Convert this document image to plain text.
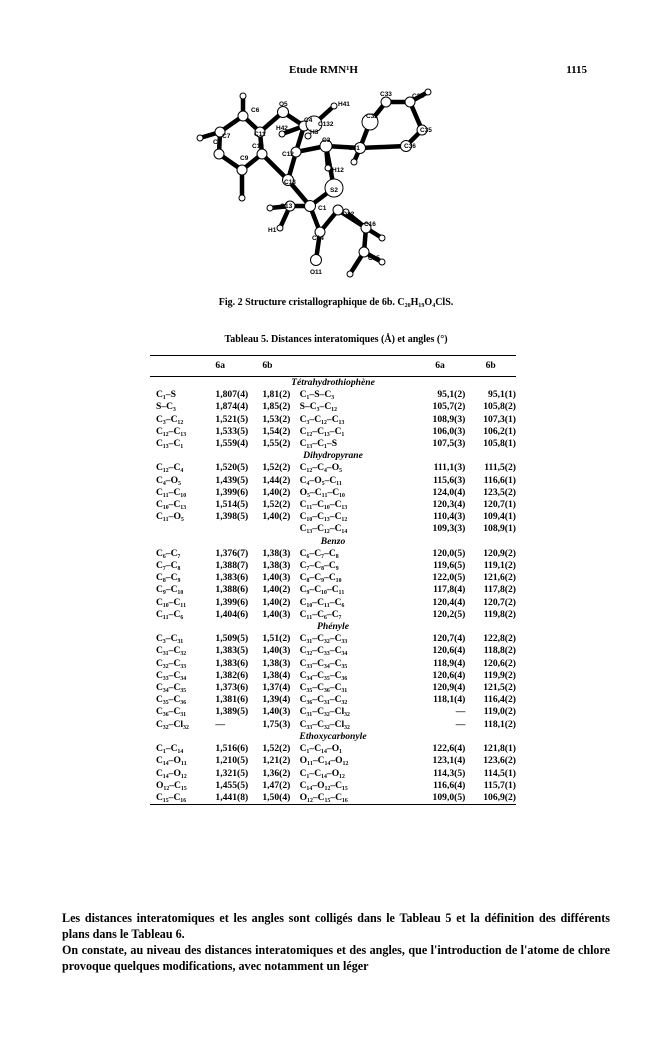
Etude RMN¹H	1115
C6
O5
C4
H41
C33	C34
C7	C11
H42
H3
C132
C32
C8
C10
C12
C3
C31	C36
C35
H12
C9
C13
S2
O13	C1
O12
H1
C16
C14
C15
O11
Fig. 2 Structure cristallographique de 6b. C₂₀H₁₉O₄ClS.
Tableau 5. Distances interatomiques (Å) et angles (°)
	6a	6b		6a	6b
Tétrahydrothiophène					
C₁–S	1,807(4)	1,81(2)	C₁–S–C₃	95,1(2)	95,1(1)
S–C₃	1,874(4)	1,85(2)	S–C₃–C₁₂	105,7(2)	105,8(2)
C₃–C₁₂	1,521(5)	1,53(2)	C₃–C₁₂–C₁₃	108,9(3)	107,3(1)
C₁₂–C₁₃	1,533(5)	1,54(2)	C₁₂–C₁₃–C₁	106,0(3)	106,2(1)
C₁₃–C₁	1,559(4)	1,55(2)	C₁₃–C₁–S	107,5(3)	105,8(1)
Dihydropyrane					
C₁₂–C₄	1,520(5)	1,52(2)	C₁₂–C₄–O₅	111,1(3)	111,5(2)
C₄–O₅	1,439(5)	1,44(2)	C₄–O₅–C₁₁	115,6(3)	116,6(1)
C₁₁–C₁₀	1,399(6)	1,40(2)	O₅–C₁₁–C₁₀	124,0(4)	123,5(2)
C₁₀–C₁₃	1,514(5)	1,52(2)	C₁₁–C₁₀–C₁₃	120,3(4)	120,7(1)
C₁₁–O₅	1,398(5)	1,40(2)	C₁₀–C₁₃–C₁₂	110,4(3)	109,4(1)
			C₁₃–C₁₂–C₁₄	109,3(3)	108,9(1)
Benzo					
C₆–C₇	1,376(7)	1,38(3)	C₆–C₇–C₈	120,0(5)	120,9(2)
C₇–C₈	1,388(7)	1,38(3)	C₇–C₈–C₉	119,6(5)	119,1(2)
C₈–C₉	1,383(6)	1,40(3)	C₈–C₉–C₁₀	122,0(5)	121,6(2)
C₉–C₁₀	1,388(6)	1,40(2)	C₉–C₁₀–C₁₁	117,8(4)	117,8(2)
C₁₀–C₁₁	1,399(6)	1,40(2)	C₁₀–C₁₁–C₆	120,4(4)	120,7(2)
C₁₁–C₆	1,404(6)	1,40(3)	C₁₁–C₆–C₇	120,2(5)	119,8(2)
Phényle					
C₃–C₃₁	1,509(5)	1,51(2)	C₃₁–C₃₂–C₃₃	120,7(4)	122,8(2)
C₃₁–C₃₂	1,383(5)	1,40(3)	C₃₂–C₃₃–C₃₄	120,6(4)	118,8(2)
C₃₂–C₃₃	1,383(6)	1,38(3)	C₃₃–C₃₄–C₃₅	118,9(4)	120,6(2)
C₃₃–C₃₄	1,382(6)	1,38(4)	C₃₄–C₃₅–C₃₆	120,6(4)	119,9(2)
C₃₄–C₃₅	1,373(6)	1,37(4)	C₃₅–C₃₆–C₃₁	120,9(4)	121,5(2)
C₃₅–C₃₆	1,381(6)	1,39(4)	C₃₆–C₃₁–C₃₂	118,1(4)	116,4(2)
C₃₆–C₃₁	1,389(5)	1,40(3)	C₃₁–C₃₂–Cl₃₂	—	119,0(2)
C₃₂–Cl₃₂	—	1,75(3)	C₃₃–C₃₂–Cl₃₂	—	118,1(2)
Ethoxycarbonyle					
C₁–C₁₄	1,516(6)	1,52(2)	C₁–C₁₄–O₁	122,6(4)	121,8(1)
C₁₄–O₁₁	1,210(5)	1,21(2)	O₁₁–C₁₄–O₁₂	123,1(4)	123,6(2)
C₁₄–O₁₂	1,321(5)	1,36(2)	C₁–C₁₄–O₁₂	114,3(5)	114,5(1)
O₁₂–C₁₅	1,455(5)	1,47(2)	C₁₄–O₁₂–C₁₅	116,6(4)	115,7(1)
C₁₅–C₁₆	1,441(8)	1,50(4)	O₁₂–C₁₅–C₁₆	109,0(5)	106,9(2)
Les distances interatomiques et les angles sont colligés dans le Tableau 5 et la définition des différents plans dans le Tableau 6.
On constate, au niveau des distances interatomiques et des angles, que l'introduction de l'atome de chlore provoque quelques modifications, avec notamment un léger
